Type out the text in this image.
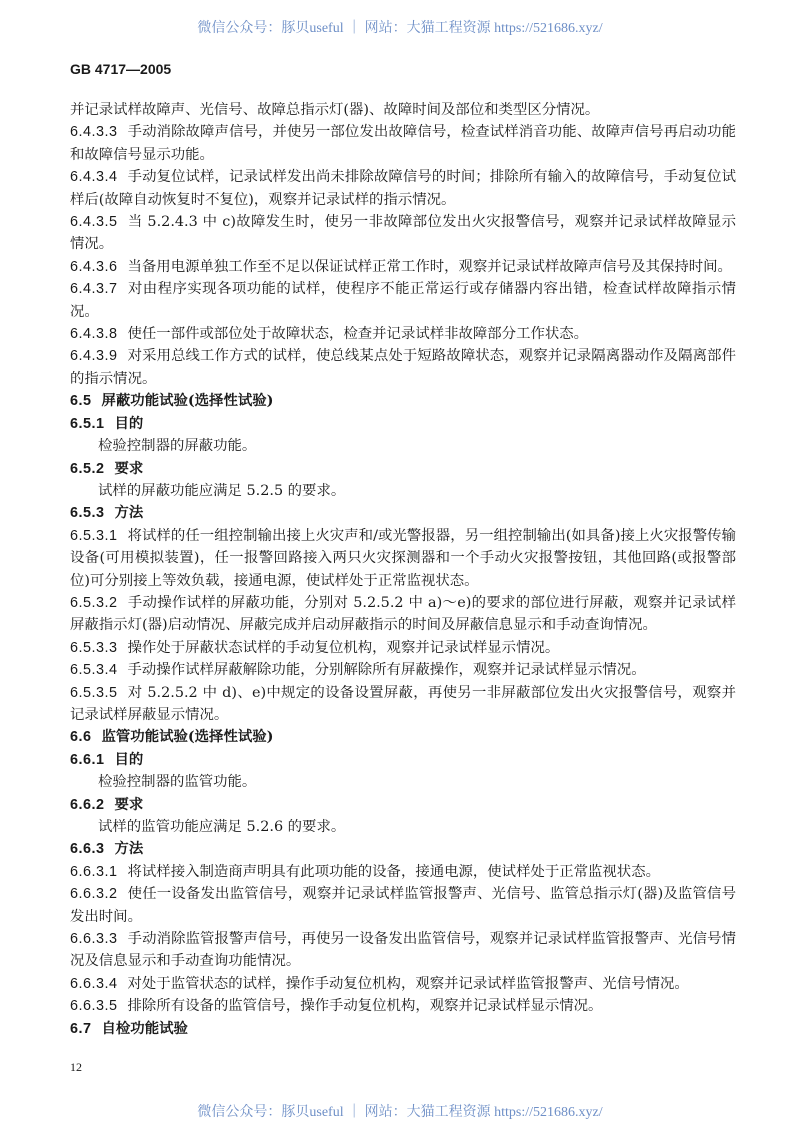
微信公众号：豚贝useful ｜ 网站：大猫工程资源 https://521686.xyz/
GB 4717—2005

并记录试样故障声、光信号、故障总指示灯(器)、故障时间及部位和类型区分情况。

6.4.3.3 手动消除故障声信号，并使另一部位发出故障信号，检查试样消音功能、故障声信号再启动功能和故障信号显示功能。

6.4.3.4 手动复位试样，记录试样发出尚未排除故障信号的时间；排除所有输入的故障信号，手动复位试样后(故障自动恢复时不复位)，观察并记录试样的指示情况。

6.4.3.5 当 5.2.4.3 中 c)故障发生时，使另一非故障部位发出火灾报警信号，观察并记录试样故障显示情况。

6.4.3.6 当备用电源单独工作至不足以保证试样正常工作时，观察并记录试样故障声信号及其保持时间。

6.4.3.7 对由程序实现各项功能的试样，使程序不能正常运行或存储器内容出错，检查试样故障指示情况。

6.4.3.8 使任一部件或部位处于故障状态，检查并记录试样非故障部分工作状态。

6.4.3.9 对采用总线工作方式的试样，使总线某点处于短路故障状态，观察并记录隔离器动作及隔离部件的指示情况。

6.5 屏蔽功能试验(选择性试验)

6.5.1 目的

检验控制器的屏蔽功能。

6.5.2 要求

试样的屏蔽功能应满足 5.2.5 的要求。

6.5.3 方法

6.5.3.1 将试样的任一组控制输出接上火灾声和/或光警报器，另一组控制输出(如具备)接上火灾报警传输设备(可用模拟装置)，任一报警回路接入两只火灾探测器和一个手动火灾报警按钮，其他回路(或报警部位)可分别接上等效负载，接通电源，使试样处于正常监视状态。

6.5.3.2 手动操作试样的屏蔽功能，分别对 5.2.5.2 中 a)～e)的要求的部位进行屏蔽，观察并记录试样屏蔽指示灯(器)启动情况、屏蔽完成并启动屏蔽指示的时间及屏蔽信息显示和手动查询情况。

6.5.3.3 操作处于屏蔽状态试样的手动复位机构，观察并记录试样显示情况。

6.5.3.4 手动操作试样屏蔽解除功能，分别解除所有屏蔽操作，观察并记录试样显示情况。

6.5.3.5 对 5.2.5.2 中 d)、e)中规定的设备设置屏蔽，再使另一非屏蔽部位发出火灾报警信号，观察并记录试样屏蔽显示情况。

6.6 监管功能试验(选择性试验)

6.6.1 目的

检验控制器的监管功能。

6.6.2 要求

试样的监管功能应满足 5.2.6 的要求。

6.6.3 方法

6.6.3.1 将试样接入制造商声明具有此项功能的设备，接通电源，使试样处于正常监视状态。

6.6.3.2 使任一设备发出监管信号，观察并记录试样监管报警声、光信号、监管总指示灯(器)及监管信号发出时间。

6.6.3.3 手动消除监管报警声信号，再使另一设备发出监管信号，观察并记录试样监管报警声、光信号情况及信息显示和手动查询功能情况。

6.6.3.4 对处于监管状态的试样，操作手动复位机构，观察并记录试样监管报警声、光信号情况。

6.6.3.5 排除所有设备的监管信号，操作手动复位机构，观察并记录试样显示情况。

6.7 自检功能试验

12
微信公众号：豚贝useful ｜ 网站：大猫工程资源 https://521686.xyz/
